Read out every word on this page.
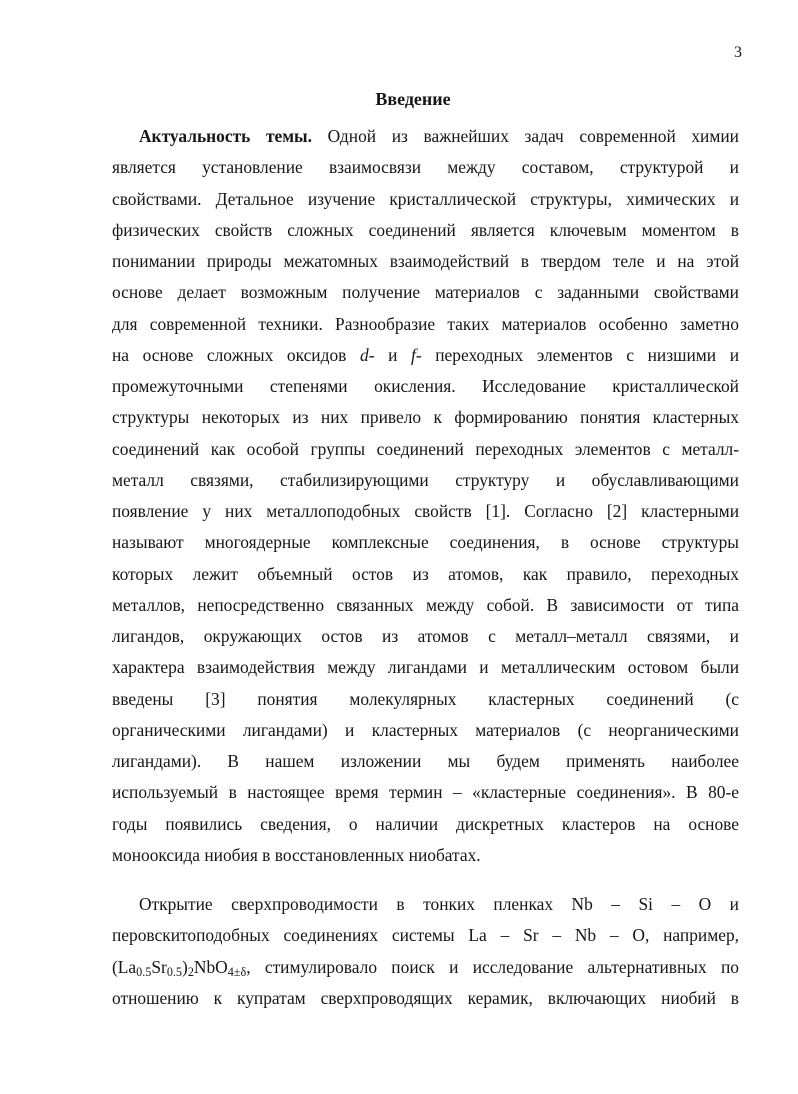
3
Введение
Актуальность темы. Одной из важнейших задач современной химии
является установление взаимосвязи между составом, структурой и
свойствами. Детальное изучение кристаллической структуры, химических и
физических свойств сложных соединений является ключевым моментом в
понимании природы межатомных взаимодействий в твердом теле и на этой
основе делает возможным получение материалов с заданными свойствами
для современной техники. Разнообразие таких материалов особенно заметно
на основе сложных оксидов d- и f- переходных элементов с низшими и
промежуточными степенями окисления. Исследование кристаллической
структуры некоторых из них привело к формированию понятия кластерных
соединений как особой группы соединений переходных элементов с металл-
металл связями, стабилизирующими структуру и обуславливающими
появление у них металлоподобных свойств [1]. Согласно [2] кластерными
называют многоядерные комплексные соединения, в основе структуры
которых лежит объемный остов из атомов, как правило, переходных
металлов, непосредственно связанных между собой. В зависимости от типа
лигандов, окружающих остов из атомов с металл–металл связями, и
характера взаимодействия между лигандами и металлическим остовом были
введены [3] понятия молекулярных кластерных соединений (с
органическими лигандами) и кластерных материалов (с неорганическими
лигандами). В нашем изложении мы будем применять наиболее
используемый в настоящее время термин – «кластерные соединения». В 80-е
годы появились сведения, о наличии дискретных кластеров на основе
монооксида ниобия в восстановленных ниобатах.
Открытие сверхпроводимости в тонких пленках Nb – Si – O и
перовскитоподобных соединениях системы La – Sr – Nb – O, например,
$(La_{0.5}Sr_{0.5})_2NbO_{4\pm\delta}$, стимулировало поиск и исследование альтернативных по
отношению к купратам сверхпроводящих керамик, включающих ниобий в
